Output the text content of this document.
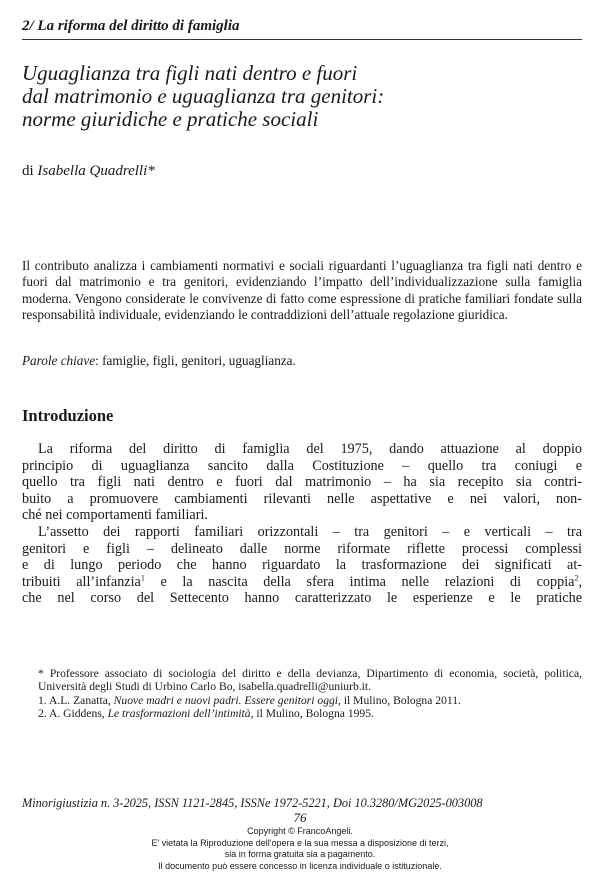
2/ La riforma del diritto di famiglia
Uguaglianza tra figli nati dentro e fuori
dal matrimonio e uguaglianza tra genitori:
norme giuridiche e pratiche sociali
di Isabella Quadrelli*

Il contributo analizza i cambiamenti normativi e sociali riguardanti l’uguaglianza tra figli nati dentro e fuori dal matrimonio e tra genitori, evidenziando l’impatto dell’individualizzazione sulla famiglia moderna. Vengono considerate le convivenze di fatto come espressione di pratiche familiari fondate sulla responsabilità individuale, evidenziando le contraddizioni dell’attuale regolazione giuridica.

Parole chiave: famiglie, figli, genitori, uguaglianza.

Introduzione
La riforma del diritto di famiglia del 1975, dando attuazione al doppio
principio di uguaglianza sancito dalla Costituzione – quello tra coniugi e
quello tra figli nati dentro e fuori dal matrimonio – ha sia recepito sia contri-
buito a promuovere cambiamenti rilevanti nelle aspettative e nei valori, non-
ché nei comportamenti familiari.
L’assetto dei rapporti familiari orizzontali – tra genitori – e verticali – tra
genitori e figli – delineato dalle norme riformate riflette processi complessi
e di lungo periodo che hanno riguardato la trasformazione dei significati at-
tribuiti all’infanzia$^1$ e la nascita della sfera intima nelle relazioni di coppia$^2$,
che nel corso del Settecento hanno caratterizzato le esperienze e le pratiche
* Professore associato di sociologia del diritto e della devianza, Dipartimento di economia, società, politica, Università degli Studi di Urbino Carlo Bo, isabella.quadrelli@uniurb.it.
1. A.L. Zanatta, Nuove madri e nuovi padri. Essere genitori oggi, il Mulino, Bologna 2011.
2. A. Giddens, Le trasformazioni dell’intimità, il Mulino, Bologna 1995.
Minorigiustizia n. 3-2025, ISSN 1121-2845, ISSNe 1972-5221, Doi 10.3280/MG2025-003008
76
Copyright © FrancoAngeli.
E' vietata la Riproduzione dell'opera e la sua messa a disposizione di terzi,
sia in forma gratuita sia a pagamento.
Il documento può essere concesso in licenza individuale o istituzionale.
